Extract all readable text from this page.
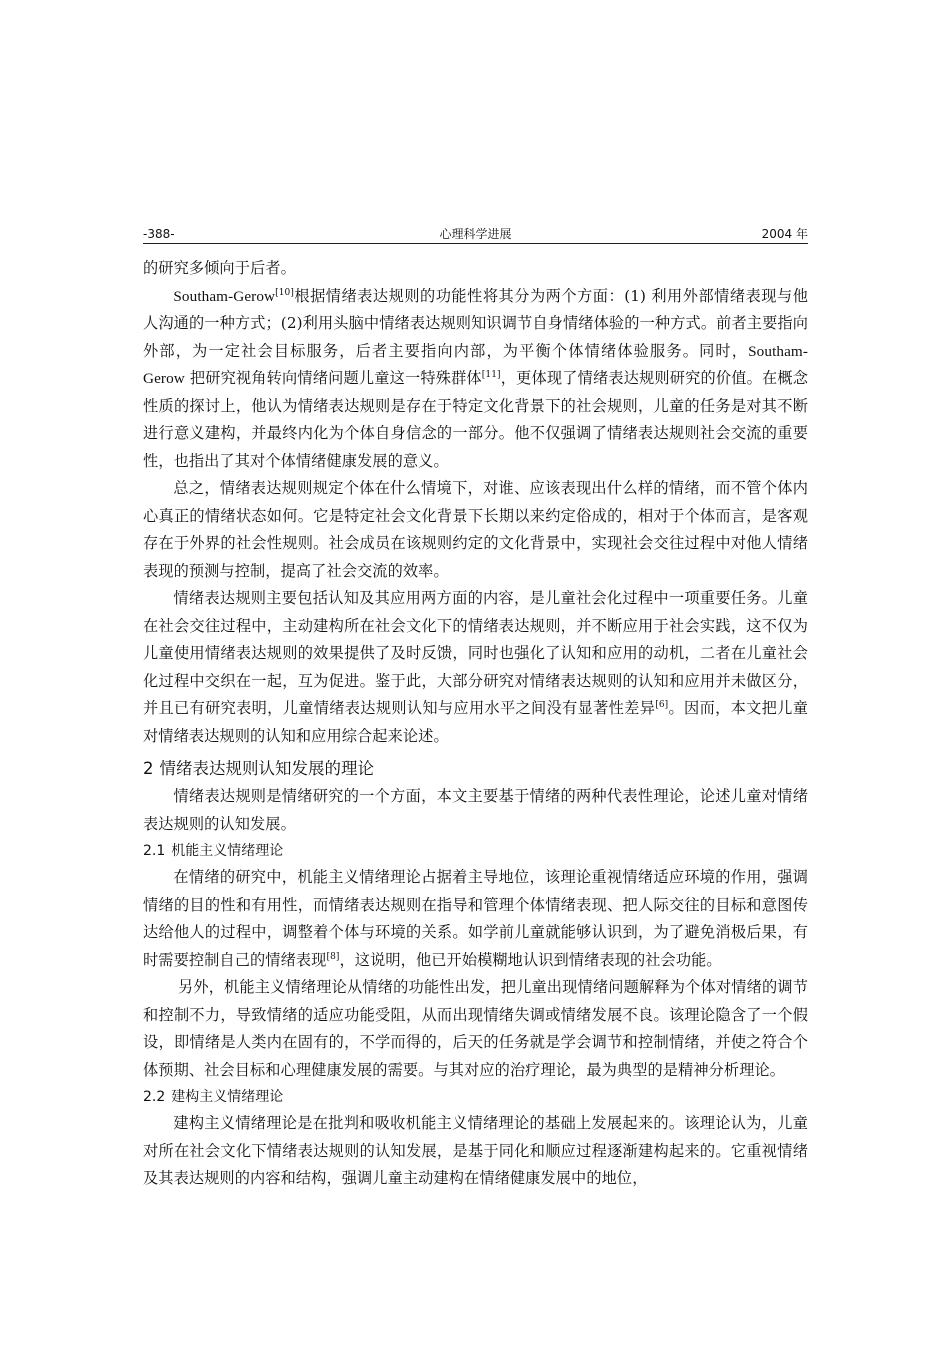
-388-	心理科学进展	2004 年

的研究多倾向于后者。

Southam-Gerow[10]根据情绪表达规则的功能性将其分为两个方面：(1) 利用外部情绪表现与他人沟通的一种方式；(2)利用头脑中情绪表达规则知识调节自身情绪体验的一种方式。前者主要指向外部，为一定社会目标服务，后者主要指向内部，为平衡个体情绪体验服务。同时，Southam-Gerow 把研究视角转向情绪问题儿童这一特殊群体[11]，更体现了情绪表达规则研究的价值。在概念性质的探讨上，他认为情绪表达规则是存在于特定文化背景下的社会规则，儿童的任务是对其不断进行意义建构，并最终内化为个体自身信念的一部分。他不仅强调了情绪表达规则社会交流的重要性，也指出了其对个体情绪健康发展的意义。

总之，情绪表达规则规定个体在什么情境下，对谁、应该表现出什么样的情绪，而不管个体内心真正的情绪状态如何。它是特定社会文化背景下长期以来约定俗成的，相对于个体而言，是客观存在于外界的社会性规则。社会成员在该规则约定的文化背景中，实现社会交往过程中对他人情绪表现的预测与控制，提高了社会交流的效率。

情绪表达规则主要包括认知及其应用两方面的内容，是儿童社会化过程中一项重要任务。儿童在社会交往过程中，主动建构所在社会文化下的情绪表达规则，并不断应用于社会实践，这不仅为儿童使用情绪表达规则的效果提供了及时反馈，同时也强化了认知和应用的动机，二者在儿童社会化过程中交织在一起，互为促进。鉴于此，大部分研究对情绪表达规则的认知和应用并未做区分，并且已有研究表明，儿童情绪表达规则认知与应用水平之间没有显著性差异[6]。因而，本文把儿童对情绪表达规则的认知和应用综合起来论述。

2 情绪表达规则认知发展的理论

情绪表达规则是情绪研究的一个方面，本文主要基于情绪的两种代表性理论，论述儿童对情绪表达规则的认知发展。

2.1 机能主义情绪理论

在情绪的研究中，机能主义情绪理论占据着主导地位，该理论重视情绪适应环境的作用，强调情绪的目的性和有用性，而情绪表达规则在指导和管理个体情绪表现、把人际交往的目标和意图传达给他人的过程中，调整着个体与环境的关系。如学前儿童就能够认识到，为了避免消极后果，有时需要控制自己的情绪表现[8]，这说明，他已开始模糊地认识到情绪表现的社会功能。

另外，机能主义情绪理论从情绪的功能性出发，把儿童出现情绪问题解释为个体对情绪的调节和控制不力，导致情绪的适应功能受阻，从而出现情绪失调或情绪发展不良。该理论隐含了一个假设，即情绪是人类内在固有的，不学而得的，后天的任务就是学会调节和控制情绪，并使之符合个体预期、社会目标和心理健康发展的需要。与其对应的治疗理论，最为典型的是精神分析理论。

2.2 建构主义情绪理论

建构主义情绪理论是在批判和吸收机能主义情绪理论的基础上发展起来的。该理论认为，儿童对所在社会文化下情绪表达规则的认知发展，是基于同化和顺应过程逐渐建构起来的。它重视情绪及其表达规则的内容和结构，强调儿童主动建构在情绪健康发展中的地位，
